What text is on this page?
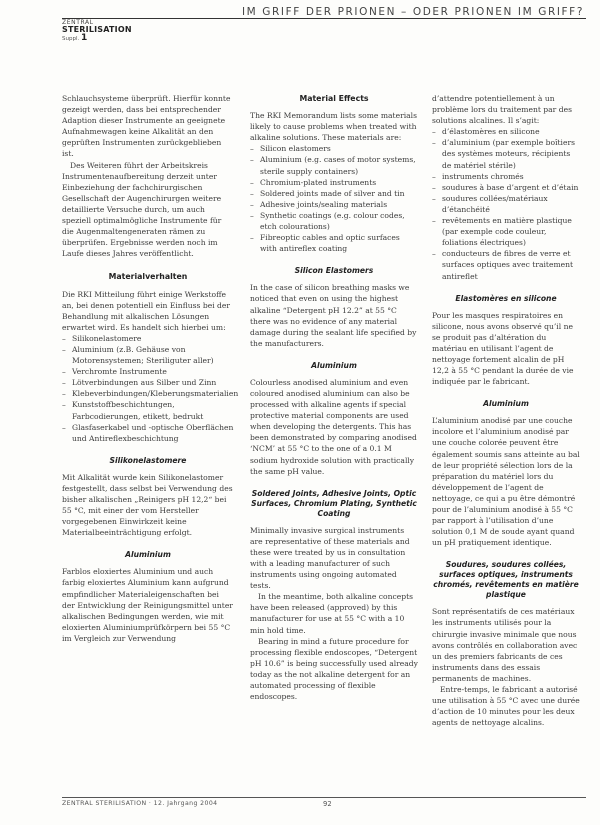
IM GRIFF DER PRIONEN – ODER PRIONEN IM GRIFF?
ZENTRAL
STERILISATION
Suppl. 1

Schlauchsysteme überprüft. Hierfür konnte gezeigt werden, dass bei entsprechender Adaption dieser Instrumente an geeignete Aufnahmewagen keine Alkalität an den geprüften Instrumenten zurückgeblieben ist.

Des Weiteren führt der Arbeitskreis Instrumentenaufbereitung derzeit unter Einbeziehung der fachchirurgischen Gesellschaft der Augenchirurgen weitere detaillierte Versuche durch, um auch speziell optimalmögliche Instrumente für die Augenmaltengeneraten rämen zu überprüfen. Ergebnisse werden noch im Laufe dieses Jahres veröffentlicht.

Materialverhalten

Die RKI Mitteilung führt einige Werkstoffe an, bei denen potentiell ein Einfluss bei der Behandlung mit alkalischen Lösungen erwartet wird. Es handelt sich hierbei um:

– Silikonelastomere
– Aluminium (z.B. Gehäuse von Motorensystemen; Steriliguter aller)
– Verchromte Instrumente
– Lötverbindungen aus Silber und Zinn
– Klebeverbindungen/Kleberungsmaterialien
– Kunststoffbeschichtungen, Farbcodierungen, etikett, bedrukt
– Glasfaserkabel und -optische Oberflächen und Antireflexbeschichtung
Silikonelastomere

Mit Alkalität wurde kein Silikonelastomer festgestellt, dass selbst bei Verwendung des bisher alkalischen „Reinigers pH 12,2“ bei 55 °C, mit einer der vom Hersteller vorgegebenen Einwirkzeit keine Materialbeeinträchtigung erfolgt.

Aluminium

Farblos eloxiertes Aluminium und auch farbig eloxiertes Aluminium kann aufgrund empfindlicher Materialeigenschaften bei der Entwicklung der Reinigungsmittel unter alkalischen Bedingungen werden, wie mit eloxierten Aluminiumprüfkörpern bei 55 °C im Vergleich zur Verwendung

Material Effects

The RKI Memorandum lists some materials likely to cause problems when treated with alkaline solutions. These materials are:

– Silicon elastomers
– Aluminium (e.g. cases of motor systems, sterile supply containers)
– Chromium-plated instruments
– Soldered joints made of silver and tin
– Adhesive joints/sealing materials
– Synthetic coatings (e.g. colour codes, etch colourations)
– Fibreoptic cables and optic surfaces with antireflex coating
Silicon Elastomers

In the case of silicon breathing masks we noticed that even on using the highest alkaline “Detergent pH 12.2” at 55 °C there was no evidence of any material damage during the sealant life specified by the manufacturers.

Aluminium

Colourless anodised aluminium and even coloured anodised aluminium can also be processed with alkaline agents if special protective material components are used when developing the detergents. This has been demonstrated by comparing anodised ‘NCM’ at 55 °C to the one of a 0.1 M sodium hydroxide solution with practically the same pH value.

Soldered Joints, Adhesive Joints, Optic Surfaces, Chromium Plating, Synthetic Coating

Minimally invasive surgical instruments are representative of these materials and these were treated by us in consultation with a leading manufacturer of such instruments using ongoing automated tests.

In the meantime, both alkaline concepts have been released (approved) by this manufacturer for use at 55 °C with a 10 min hold time.

Bearing in mind a future procedure for processing flexible endoscopes, “Detergent pH 10.6” is being successfully used already today as the not alkaline detergent for an automated processing of flexible endoscopes.

d’attendre potentiellement à un problème lors du traitement par des solutions alcalines. Il s’agit:

– d’élastomères en silicone
– d’aluminium (par exemple boîtiers des systèmes moteurs, récipients de matériel stérile)
– instruments chromés
– soudures à base d’argent et d’étain
– soudures collées/matériaux d’étanchéité
– revêtements en matière plastique (par exemple code couleur, foliations électriques)
– conducteurs de fibres de verre et surfaces optiques avec traitement antireflet
Elastomères en silicone

Pour les masques respiratoires en silicone, nous avons observé qu’il ne se produit pas d’altération du matériau en utilisant l’agent de nettoyage fortement alcalin de pH 12,2 à 55 °C pendant la durée de vie indiquée par le fabricant.

Aluminium

L’aluminium anodisé par une couche incolore et l’aluminium anodisé par une couche colorée peuvent être également soumis sans atteinte au bal de leur propriété sélection lors de la préparation du matériel lors du développement de l’agent de nettoyage, ce qui a pu être démontré pour de l’aluminium anodisé à 55 °C par rapport à l’utilisation d’une solution 0,1 M de soude ayant quand un pH pratiquement identique.

Soudures, soudures collées, surfaces optiques, instruments chromés, revêtements en matière plastique

Sont représentatifs de ces matériaux les instruments utilisés pour la chirurgie invasive minimale que nous avons contrôlés en collaboration avec un des premiers fabricants de ces instruments dans des essais permanents de machines.

Entre-temps, le fabricant a autorisé une utilisation à 55 °C avec une durée d’action de 10 minutes pour les deux agents de nettoyage alcalins.

ZENTRAL STERILISATION · 12. Jahrgang 2004	92
